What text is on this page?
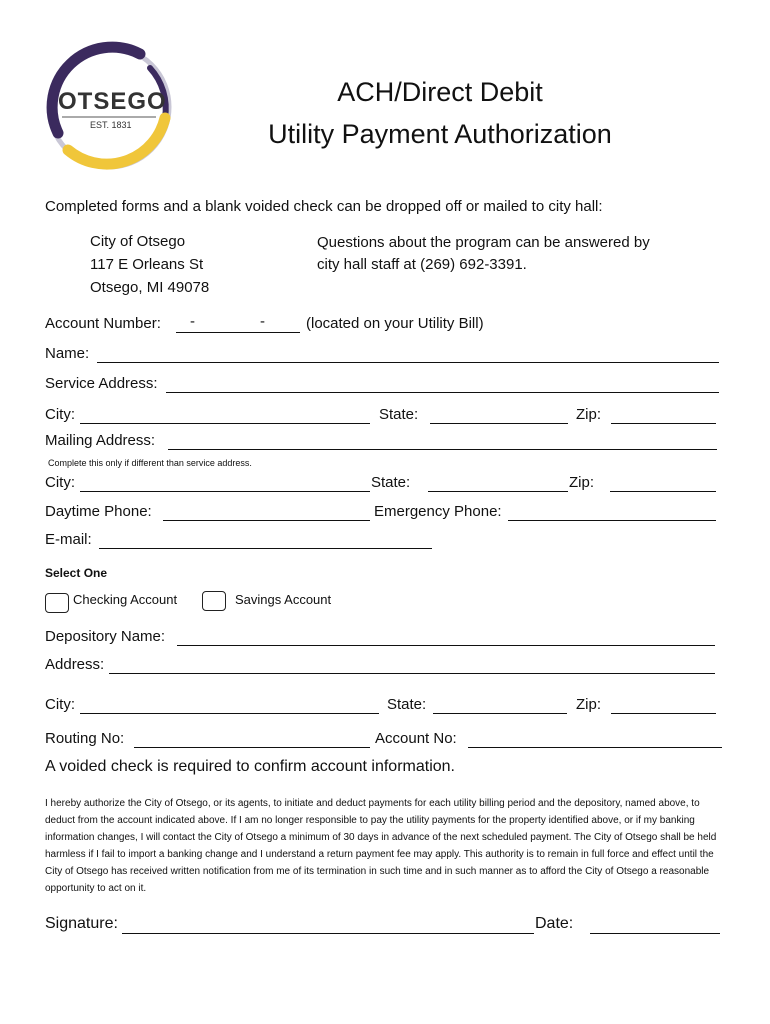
OTSEGO
EST. 1831
ACH/Direct Debit
Utility Payment Authorization
Completed forms and a blank voided check can be dropped off or mailed to city hall:
City of Otsego
117 E Orleans St
Otsego, MI 49078
Questions about the program can be answered by
city hall staff at (269) 692-3391.
Account Number: -	-	(located on your Utility Bill)
Name:
Service Address:
City:	State:	Zip:
Mailing Address:
Complete this only if different than service address.
City:	State:	Zip:
Daytime Phone:	Emergency Phone:
E-mail:
Select One
Checking Account	Savings Account
Depository Name:
Address:
City:	State:	Zip:
Routing No:	Account No:
A voided check is required to confirm account information.
I hereby authorize the City of Otsego, or its agents, to initiate and deduct payments for each utility billing period and the depository, named above, to deduct from the account indicated above. If I am no longer responsible to pay the utility payments for the property identified above, or if my banking information changes, I will contact the City of Otsego a minimum of 30 days in advance of the next scheduled payment. The City of Otsego shall be held harmless if I fail to import a banking change and I understand a return payment fee may apply. This authority is to remain in full force and effect until the City of Otsego has received written notification from me of its termination in such time and in such manner as to afford the City of Otsego a reasonable opportunity to act on it.
Signature:	Date:
